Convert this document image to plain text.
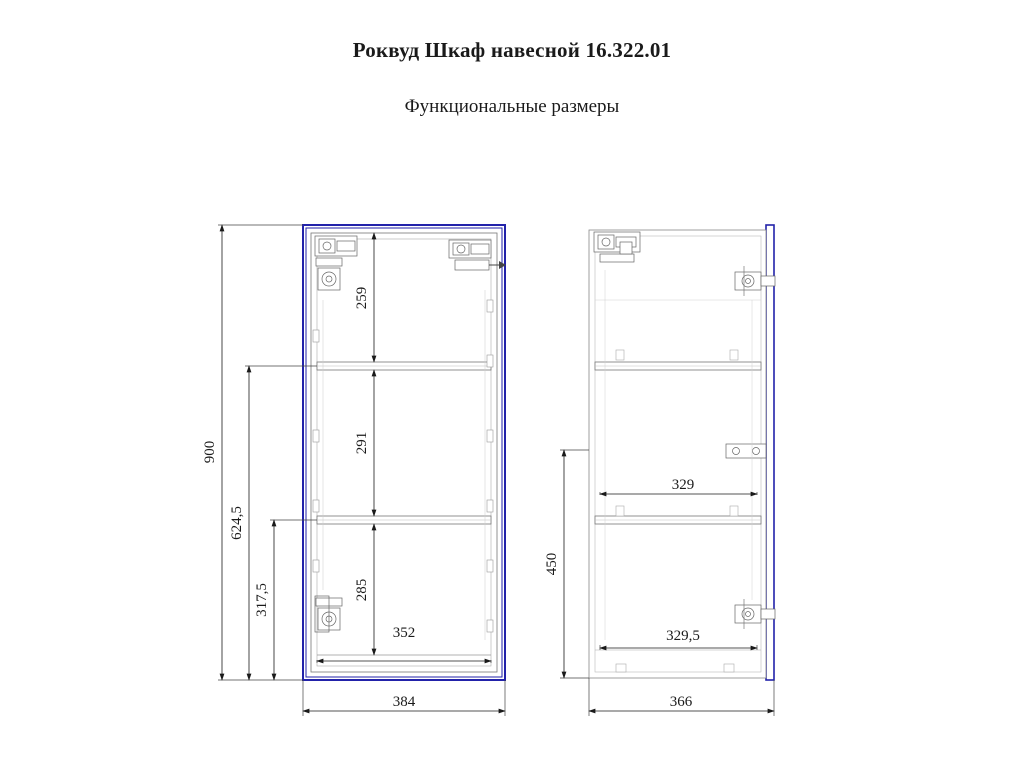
Роквуд Шкаф навесной 16.322.01
Функциональные размеры
900
624,5
317,5
259
291
285
352
384
450
329
329,5
366
